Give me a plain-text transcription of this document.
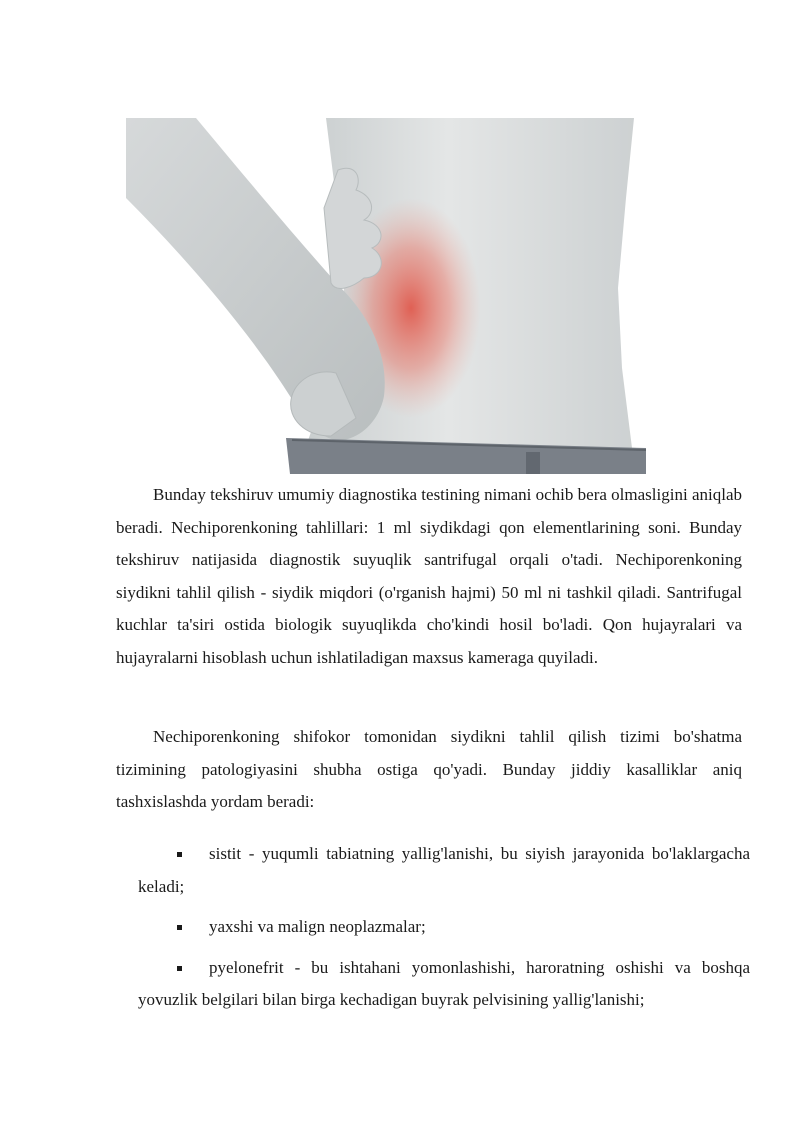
Bunday tekshiruv umumiy diagnostika testining nimani ochib bera olmasligini aniqlab beradi. Nechiporenkoning tahlillari: 1 ml siydikdagi qon elementlarining soni. Bunday tekshiruv natijasida diagnostik suyuqlik santrifugal orqali o'tadi. Nechiporenkoning siydikni tahlil qilish - siydik miqdori (o'rganish hajmi) 50 ml ni tashkil qiladi. Santrifugal kuchlar ta'siri ostida biologik suyuqlikda cho'kindi hosil bo'ladi. Qon hujayralari va hujayralarni hisoblash uchun ishlatiladigan maxsus kameraga quyiladi.

Nechiporenkoning shifokor tomonidan siydikni tahlil qilish tizimi bo'shatma tizimining patologiyasini shubha ostiga qo'yadi. Bunday jiddiy kasalliklar aniq tashxislashda yordam beradi:

sistit - yuqumli tabiatning yallig'lanishi, bu siyish jarayonida bo'laklargacha keladi;
yaxshi va malign neoplazmalar;
pyelonefrit - bu ishtahani yomonlashishi, haroratning oshishi va boshqa yovuzlik belgilari bilan birga kechadigan buyrak pelvisining yallig'lanishi;
